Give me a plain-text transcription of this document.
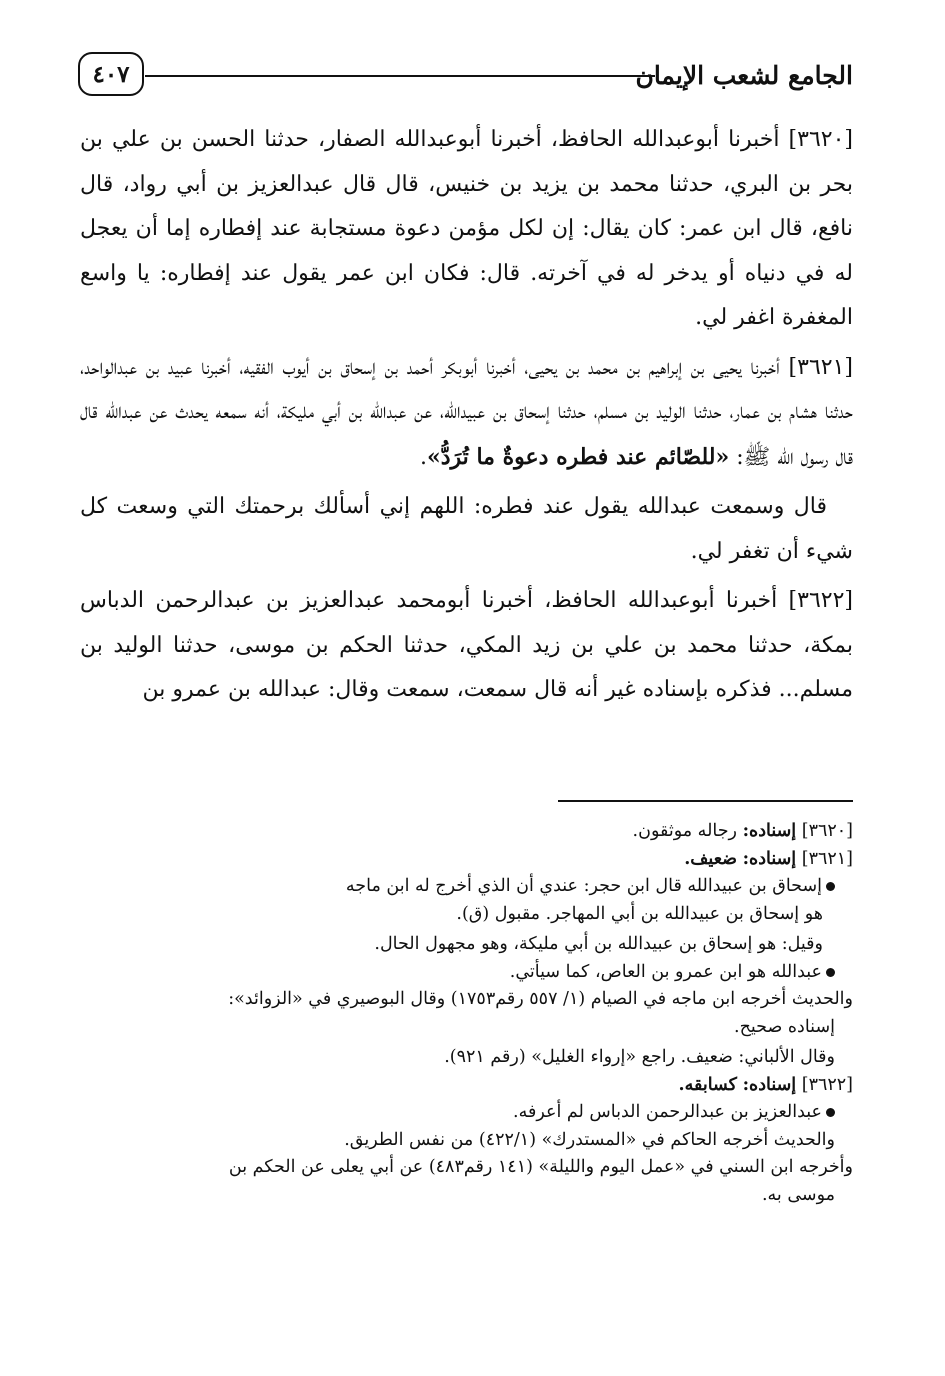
الجامع لشعب الإيمان
٤٠٧

[٣٦٢٠] أخبرنا أبوعبدالله الحافظ، أخبرنا أبوعبدالله الصفار، حدثنا الحسن بن علي بن بحر بن البري، حدثنا محمد بن يزيد بن خنيس، قال قال عبدالعزيز بن أبي رواد، قال نافع، قال ابن عمر: كان يقال: إن لكل مؤمن دعوة مستجابة عند إفطاره إما أن يعجل له في دنياه أو يدخر له في آخرته. قال: فكان ابن عمر يقول عند إفطاره: يا واسع المغفرة اغفر لي.

[٣٦٢١] أخبرنا يحيى بن إبراهيم بن محمد بن يحيى، أخبرنا أبوبكر أحمد بن إسحاق بن أيوب الفقيه، أخبرنا عبيد بن عبدالواحد، حدثنا هشام بن عمار، حدثنا الوليد بن مسلم، حدثنا إسحاق بن عبيدالله، عن عبدالله بن أبي مليكة، أنه سمعه يحدث عن عبدالله قال قال رسول الله ﷺ: «للصّائم عند فطره دعوةٌ ما تُرَدُّ».

قال وسمعت عبدالله يقول عند فطره: اللهم إني أسألك برحمتك التي وسعت كل شيء أن تغفر لي.

[٣٦٢٢] أخبرنا أبوعبدالله الحافظ، أخبرنا أبومحمد عبدالعزيز بن عبدالرحمن الدباس بمكة، حدثنا محمد بن علي بن زيد المكي، حدثنا الحكم بن موسى، حدثنا الوليد بن مسلم... فذكره بإسناده غير أنه قال سمعت، سمعت وقال: عبدالله بن عمرو بن

[٣٦٢٠] إسناده: رجاله موثقون.

[٣٦٢١] إسناده: ضعيف.

إسحاق بن عبيدالله قال ابن حجر: عندي أن الذي أخرج له ابن ماجه

هو إسحاق بن عبيدالله بن أبي المهاجر. مقبول (ق).

وقيل: هو إسحاق بن عبيدالله بن أبي مليكة، وهو مجهول الحال.

عبدالله هو ابن عمرو بن العاص، كما سيأتي.

والحديث أخرجه ابن ماجه في الصيام (١/ ٥٥٧ رقم١٧٥٣) وقال البوصيري في «الزوائد»:

إسناده صحيح.

وقال الألباني: ضعيف. راجع «إرواء الغليل» (رقم ٩٢١).

[٣٦٢٢] إسناده: كسابقه.

عبدالعزيز بن عبدالرحمن الدباس لم أعرفه.

والحديث أخرجه الحاكم في «المستدرك» (٤٢٢/١) من نفس الطريق.

وأخرجه ابن السني في «عمل اليوم والليلة» (١٤١ رقم٤٨٣) عن أبي يعلى عن الحكم بن

موسى به.
